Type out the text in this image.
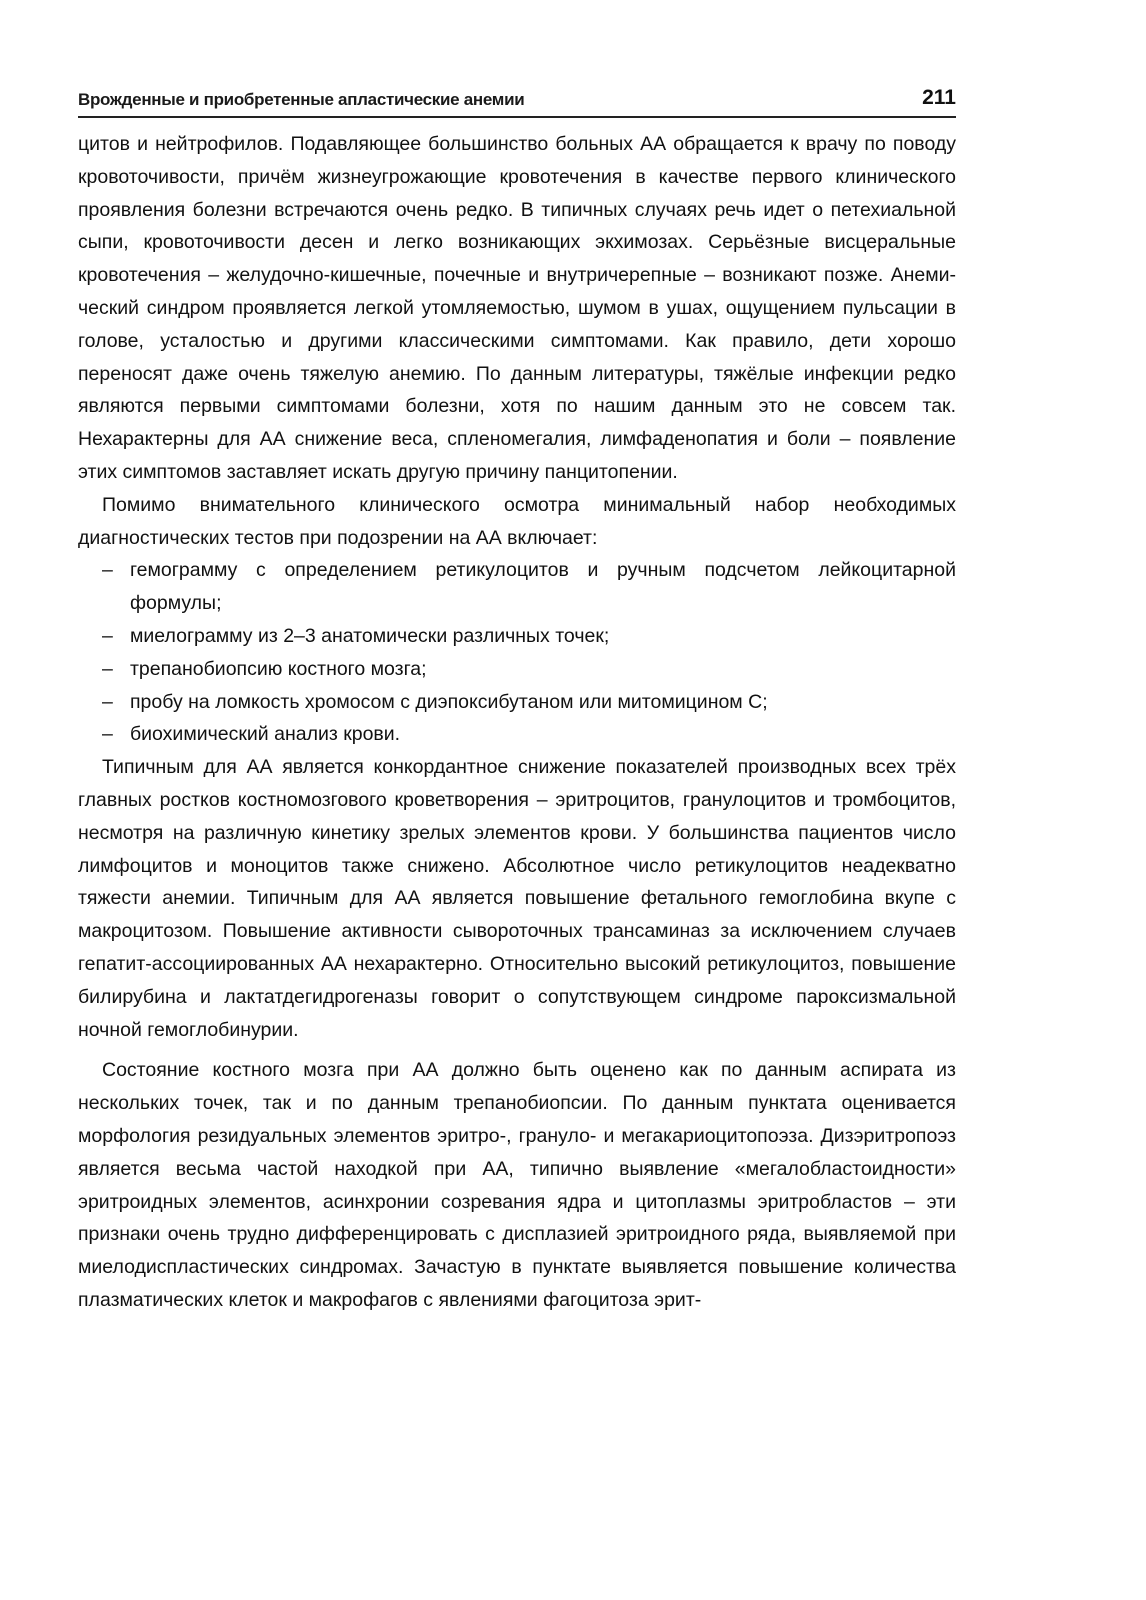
Врожденные и приобретенные апластические анемии	211

цитов и нейтрофилов. Подавляющее большинство больных АА обращается к врачу по поводу кровоточивости, причём жизнеугрожающие кровотечения в качестве первого клинического проявления болезни встречаются очень редко. В типичных случаях речь идет о петехиальной сыпи, кровоточивости десен и легко возникающих экхимозах. Серьёзные висцеральные кровотечения – желудочно-кишечные, почечные и внутричерепные – возникают позже. Анемический синдром проявляется легкой утомляемостью, шумом в ушах, ощущением пульсации в голове, усталостью и другими классическими симптомами. Как правило, дети хорошо переносят даже очень тяжелую анемию. По данным литературы, тяжёлые инфекции редко являются первыми симптомами болезни, хотя по нашим данным это не совсем так. Нехарактерны для АА снижение веса, спленомегалия, лимфаденопатия и боли – появление этих симптомов заставляет искать другую причину панцитопении.

Помимо внимательного клинического осмотра минимальный набор необходимых диагностических тестов при подозрении на АА включает:

– гемограмму с определением ретикулоцитов и ручным подсчетом лейкоцитарной формулы;
– миелограмму из 2–3 анатомически различных точек;
– трепанобиопсию костного мозга;
– пробу на ломкость хромосом с диэпоксибутаном или митомицином С;
– биохимический анализ крови.

Типичным для АА является конкордантное снижение показателей производных всех трёх главных ростков костномозгового кроветворения – эритроцитов, гранулоцитов и тромбоцитов, несмотря на различную кинетику зрелых элементов крови. У большинства пациентов число лимфоцитов и моноцитов также снижено. Абсолютное число ретикулоцитов неадекватно тяжести анемии. Типичным для АА является повышение фетального гемоглобина вкупе с макроцитозом. Повышение активности сывороточных трансаминаз за исключением случаев гепатит-ассоциированных АА нехарактерно. Относительно высокий ретикулоцитоз, повышение билирубина и лактатдегидрогеназы говорит о сопутствующем синдроме пароксизмальной ночной гемоглобинурии.

Состояние костного мозга при АА должно быть оценено как по данным аспирата из нескольких точек, так и по данным трепанобиопсии. По данным пунктата оценивается морфология резидуальных элементов эритро-, грануло- и мегакариоцитопоэза. Дизэритропоэз является весьма частой находкой при АА, типично выявление «мегалобластоидности» эритроидных элементов, асинхронии созревания ядра и цитоплазмы эритробластов – эти признаки очень трудно дифференцировать с дисплазией эритроидного ряда, выявляемой при миелодиспластических синдромах. Зачастую в пунктате выявляется повышение количества плазматических клеток и макрофагов с явлениями фагоцитоза эрит-
